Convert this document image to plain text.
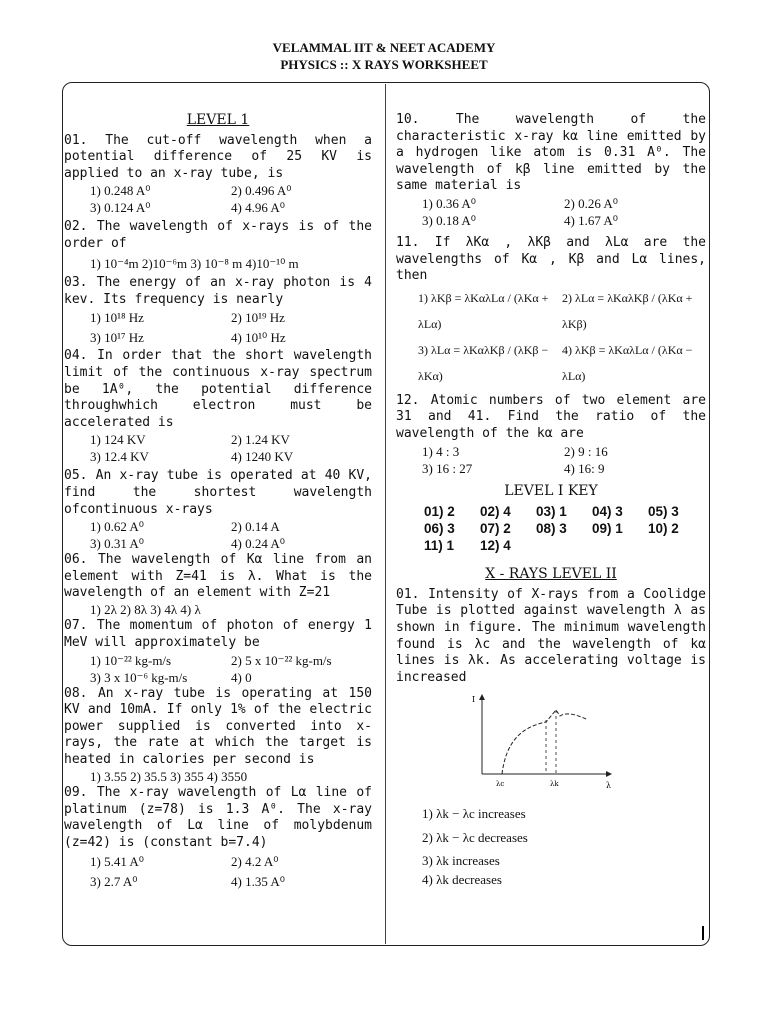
VELAMMAL IIT & NEET ACADEMY
PHYSICS :: X RAYS WORKSHEET
LEVEL 1

01. The cut-off wavelength when a potential difference of 25 KV is applied to an x-ray tube, is

1) 0.248 A⁰	2) 0.496 A⁰
3) 0.124 A⁰	4) 4.96 A⁰

02. The wavelength of x-rays is of the order of

1) 10⁻⁴m 2)10⁻⁶m 3) 10⁻⁸ m 4)10⁻¹⁰ m

03. The energy of an x-ray photon is 4 kev. Its frequency is nearly

1) 10¹⁸ Hz	2) 10¹⁹ Hz
3) 10¹⁷ Hz	4) 10¹⁰ Hz

04. In order that the short wavelength limit of the continuous x-ray spectrum be 1A⁰, the potential difference throughwhich electron must be accelerated is

1) 124 KV	2) 1.24 KV
3) 12.4 KV	4) 1240 KV

05. An x-ray tube is operated at 40 KV, find the shortest wavelength ofcontinuous x-rays

1) 0.62 A⁰	2) 0.14 A
3) 0.31 A⁰	4) 0.24 A⁰

06. The wavelength of Kα line from an element with Z=41 is λ. What is the wavelength of an element with Z=21

1) 2λ 2) 8λ 3) 4λ 4) λ

07. The momentum of photon of energy 1 MeV will approximately be

1) 10⁻²² kg-m/s	2) 5 x 10⁻²² kg-m/s
3) 3 x 10⁻⁶ kg-m/s	4) 0

08. An x-ray tube is operating at 150 KV and 10mA. If only 1% of the electric power supplied is converted into x-rays, the rate at which the target is heated in calories per second is

1) 3.55 2) 35.5 3) 355 4) 3550

09. The x-ray wavelength of Lα line of platinum (z=78) is 1.3 A⁰. The x-ray wavelength of Lα line of molybdenum (z=42) is (constant b=7.4)

1) 5.41 A⁰	2) 4.2 A⁰
3) 2.7 A⁰	4) 1.35 A⁰

10.	The wavelength of the characteristic x-ray kα line emitted by a hydrogen like atom is 0.31 A⁰. The wavelength of kβ line emitted by the same material is

1) 0.36 A⁰	2) 0.26 A⁰
3) 0.18 A⁰	4) 1.67 A⁰

11. If λKα , λKβ and λLα are the wavelengths of Kα , Kβ and Lα lines, then

1) λKβ = λKαλLα / (λKα + λLα)
2) λLα = λKαλKβ / (λKα + λKβ)
3) λLα = λKαλKβ / (λKβ − λKα)
4) λKβ = λKαλLα / (λKα − λLα)

12. Atomic numbers of two element are 31 and 41. Find the ratio of the wavelength of the kα are

1) 4 : 3	2) 9 : 16
3) 16 : 27	4) 16: 9
LEVEL I KEY
01) 2 02) 4 03) 1 04) 3 05) 3
06) 3 07) 2 08) 3 09) 1 10) 2
11) 1 12) 4
X - RAYS LEVEL II

01. Intensity of X-rays from a Coolidge Tube is plotted against wavelength λ as shown in figure. The minimum wavelength found is λc and the wavelength of kα lines is λk. As accelerating voltage is increased

I
λ
λc	λk
1) λk − λc increases
2) λk − λc decreases
3) λk increases
4) λk decreases
